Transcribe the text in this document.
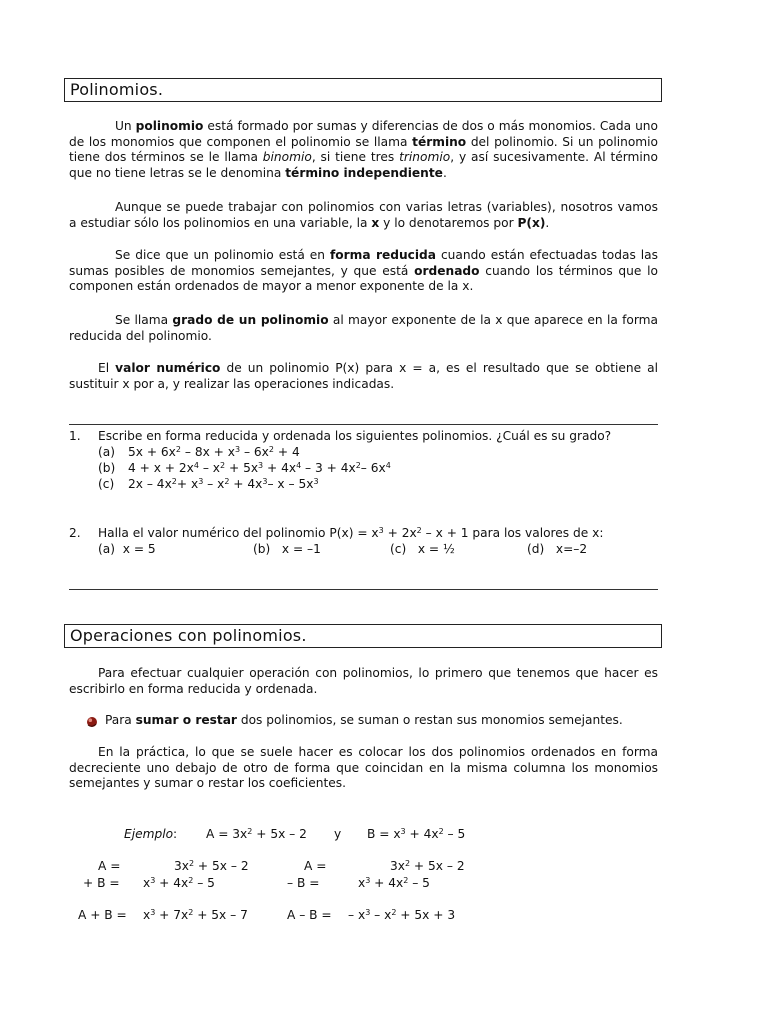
Polinomios.
Un polinomio está formado por sumas y diferencias de dos o más monomios. Cada uno de los monomios que componen el polinomio se llama término del polinomio. Si un polinomio tiene dos términos se le llama binomio, si tiene tres trinomio, y así sucesivamente. Al término que no tiene letras se le denomina término independiente.
Aunque se puede trabajar con polinomios con varias letras (variables), nosotros vamos a estudiar sólo los polinomios en una variable, la x y lo denotaremos por P(x).
Se dice que un polinomio está en forma reducida cuando están efectuadas todas las sumas posibles de monomios semejantes, y que está ordenado cuando los términos que lo componen están ordenados de mayor a menor exponente de la x.
Se llama grado de un polinomio al mayor exponente de la x que aparece en la forma reducida del polinomio.
El valor numérico de un polinomio P(x) para x = a, es el resultado que se obtiene al sustituir x por a, y realizar las operaciones indicadas.
1. Escribe en forma reducida y ordenada los siguientes polinomios. ¿Cuál es su grado?
(a) $5x + 6x^2 - 8x + x^3 - 6x^2 + 4$
(b) $4 + x + 2x^4 - x^2 + 5x^3 + 4x^4 - 3 + 4x^2-$ $6x^4$
(c) $2x - 4x^2+ x^3 - x^2 + 4x^3-$ x – $5x^3$
2. Halla el valor numérico del polinomio $P(x) = x^3 + 2x^2 - x + 1$ para los valores de x:
(a) x = 5	(b) x = –1	(c) x = ½	(d) x=–2
Operaciones con polinomios.
Para efectuar cualquier operación con polinomios, lo primero que tenemos que hacer es escribirlo en forma reducida y ordenada.
Para sumar o restar dos polinomios, se suman o restan sus monomios semejantes.
En la práctica, lo que se suele hacer es colocar los dos polinomios ordenados en forma decreciente uno debajo de otro de forma que coincidan en la misma columna los monomios semejantes y sumar o restar los coeficientes.
Ejemplo: $A = 3x^2 + 5x - 2$ y $B = x^3 + 4x^2 - 5$
A =	$3x^2 + 5x - 2$
+ $B = x^3 + 4x^2 - 5$
$A + B = x^3 + 7x^2 + 5x - 7$
A =	$3x^2 + 5x - 2$
– B =	$x^3 + 4x^2 - 5$
A – B = – $x^3 - x^2 + 5x + 3$
